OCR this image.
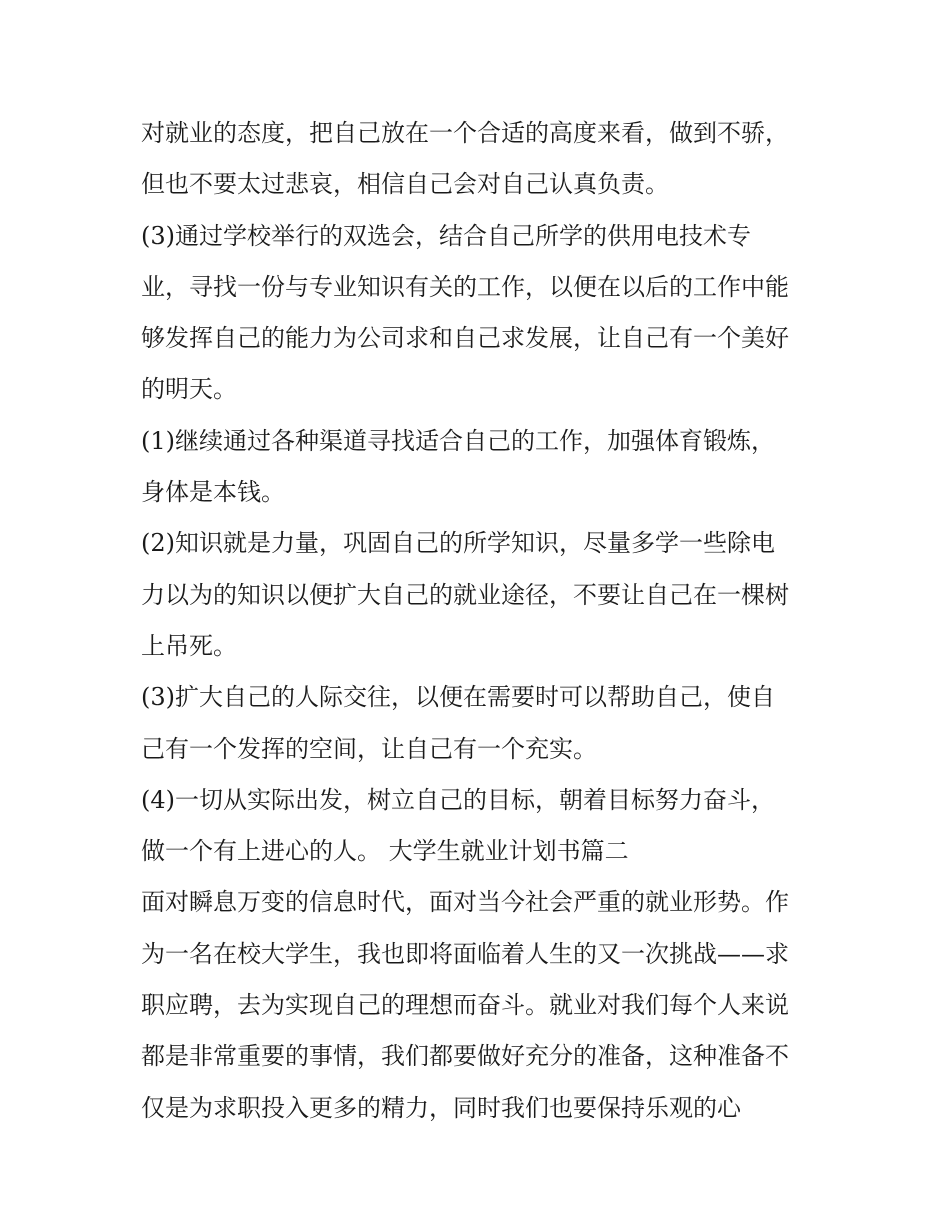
对就业的态度，把自己放在一个合适的高度来看，做到不骄，
但也不要太过悲哀，相信自己会对自己认真负责。
(3)通过学校举行的双选会，结合自己所学的供用电技术专
业，寻找一份与专业知识有关的工作，以便在以后的工作中能
够发挥自己的能力为公司求和自己求发展，让自己有一个美好
的明天。
(1)继续通过各种渠道寻找适合自己的工作，加强体育锻炼，
身体是本钱。
(2)知识就是力量，巩固自己的所学知识，尽量多学一些除电
力以为的知识以便扩大自己的就业途径，不要让自己在一棵树
上吊死。
(3)扩大自己的人际交往，以便在需要时可以帮助自己，使自
己有一个发挥的空间，让自己有一个充实。
(4)一切从实际出发，树立自己的目标，朝着目标努力奋斗，
做一个有上进心的人。 大学生就业计划书篇二
面对瞬息万变的信息时代，面对当今社会严重的就业形势。作
为一名在校大学生，我也即将面临着人生的又一次挑战——求
职应聘，去为实现自己的理想而奋斗。就业对我们每个人来说
都是非常重要的事情，我们都要做好充分的准备，这种准备不
仅是为求职投入更多的精力，同时我们也要保持乐观的心
